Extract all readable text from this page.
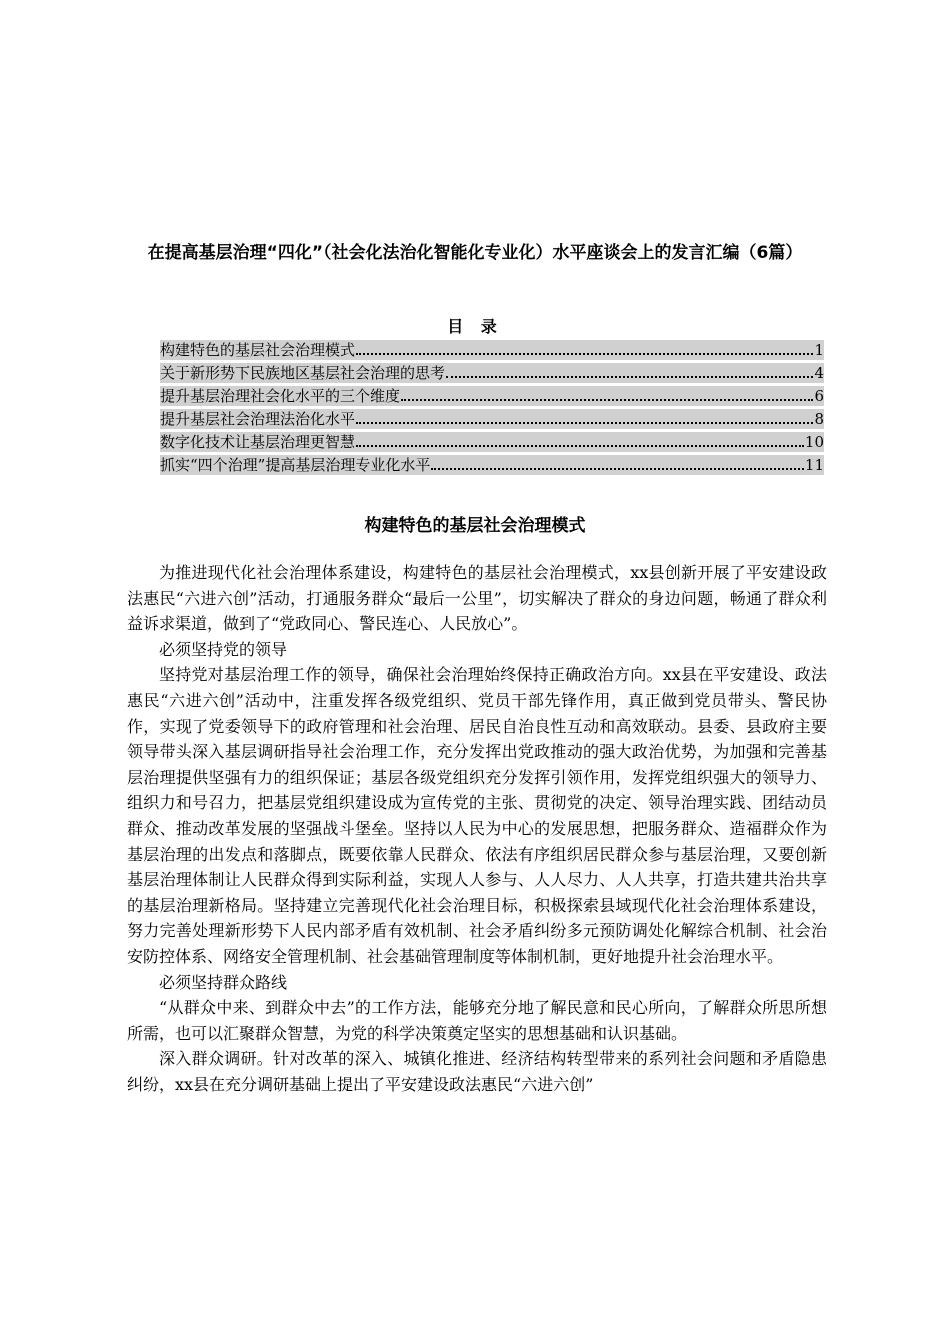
在提高基层治理“四化”（社会化法治化智能化专业化）水平座谈会上的发言汇编（6篇）
目 录
构建特色的基层社会治理模式	1
关于新形势下民族地区基层社会治理的思考	4
提升基层治理社会化水平的三个维度	6
提升基层社会治理法治化水平	8
数字化技术让基层治理更智慧	10
抓实“四个治理”提高基层治理专业化水平	11
构建特色的基层社会治理模式

为推进现代化社会治理体系建设，构建特色的基层社会治理模式，xx县创新开展了平安建设政法惠民“六进六创”活动，打通服务群众“最后一公里”，切实解决了群众的身边问题，畅通了群众利益诉求渠道，做到了“党政同心、警民连心、人民放心”。

必须坚持党的领导

坚持党对基层治理工作的领导，确保社会治理始终保持正确政治方向。xx县在平安建设、政法惠民“六进六创”活动中，注重发挥各级党组织、党员干部先锋作用，真正做到党员带头、警民协作，实现了党委领导下的政府管理和社会治理、居民自治良性互动和高效联动。县委、县政府主要领导带头深入基层调研指导社会治理工作，充分发挥出党政推动的强大政治优势，为加强和完善基层治理提供坚强有力的组织保证；基层各级党组织充分发挥引领作用，发挥党组织强大的领导力、组织力和号召力，把基层党组织建设成为宣传党的主张、贯彻党的决定、领导治理实践、团结动员群众、推动改革发展的坚强战斗堡垒。坚持以人民为中心的发展思想，把服务群众、造福群众作为基层治理的出发点和落脚点，既要依靠人民群众、依法有序组织居民群众参与基层治理，又要创新基层治理体制让人民群众得到实际利益，实现人人参与、人人尽力、人人共享，打造共建共治共享的基层治理新格局。坚持建立完善现代化社会治理目标，积极探索县域现代化社会治理体系建设，努力完善处理新形势下人民内部矛盾有效机制、社会矛盾纠纷多元预防调处化解综合机制、社会治安防控体系、网络安全管理机制、社会基础管理制度等体制机制，更好地提升社会治理水平。

必须坚持群众路线

“从群众中来、到群众中去”的工作方法，能够充分地了解民意和民心所向，了解群众所思所想所需，也可以汇聚群众智慧，为党的科学决策奠定坚实的思想基础和认识基础。

深入群众调研。针对改革的深入、城镇化推进、经济结构转型带来的系列社会问题和矛盾隐患纠纷，xx县在充分调研基础上提出了平安建设政法惠民“六进六创”
